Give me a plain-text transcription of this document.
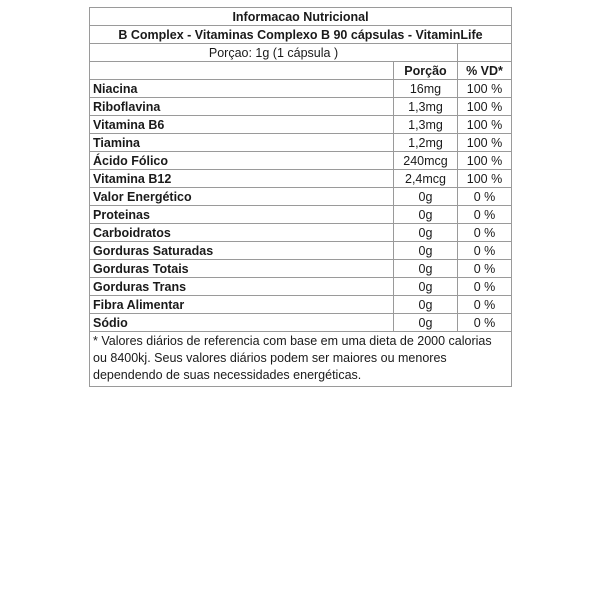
Informacao Nutricional		
B Complex - Vitaminas Complexo B 90 cápsulas - VitaminLife		
Porçao: 1g (1 cápsula )		
	Porção	% VD*
Niacina	16mg	100 %
Riboflavina	1,3mg	100 %
Vitamina B6	1,3mg	100 %
Tiamina	1,2mg	100 %
Ácido Fólico	240mcg	100 %
Vitamina B12	2,4mcg	100 %
Valor Energético	0g	0 %
Proteinas	0g	0 %
Carboidratos	0g	0 %
Gorduras Saturadas	0g	0 %
Gorduras Totais	0g	0 %
Gorduras Trans	0g	0 %
Fibra Alimentar	0g	0 %
Sódio	0g	0 %
* Valores diários de referencia com base em uma dieta de 2000 calorias ou 8400kj. Seus valores diários podem ser maiores ou menores dependendo de suas necessidades energéticas.		
